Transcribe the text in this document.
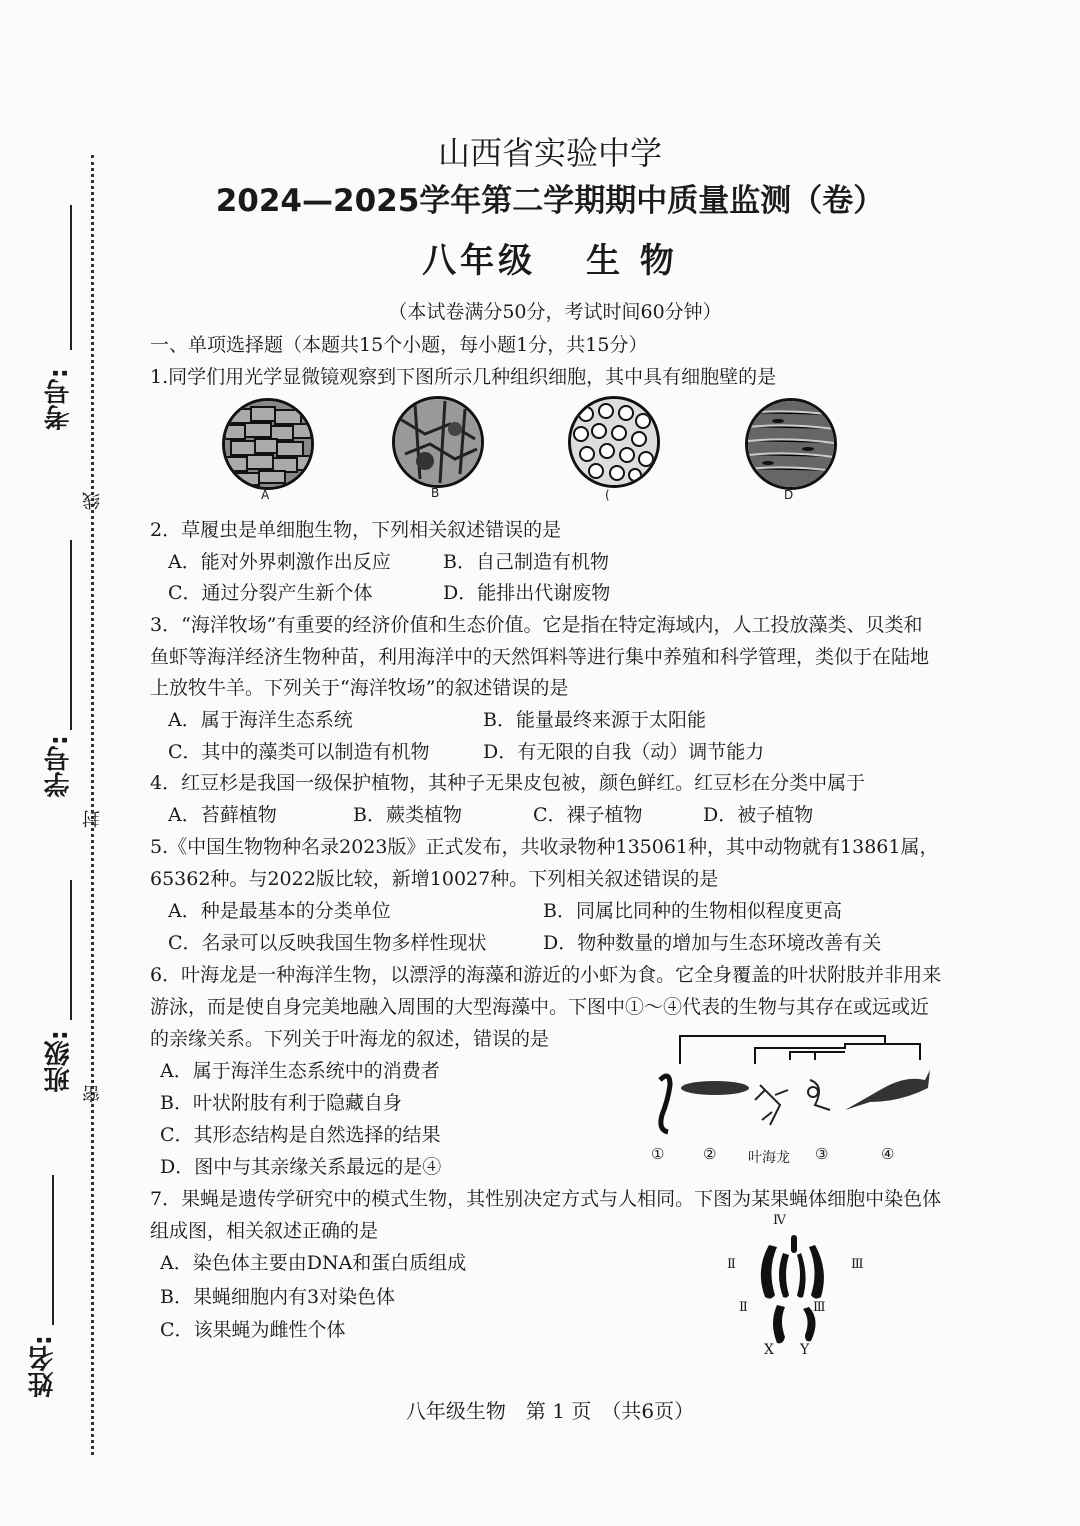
考号:
学号:
班级:
姓名:
线
封
密
山西省实验中学
2024—2025学年第二学期期中质量监测（卷）
八年级 生 物
（本试卷满分50分，考试时间60分钟）
一、单项选择题（本题共15个小题，每小题1分，共15分）
1.同学们用光学显微镜观察到下图所示几种组织细胞，其中具有细胞壁的是
A	B	(	D
2．草履虫是单细胞生物，下列相关叙述错误的是
A．能对外界刺激作出反应	B．自己制造有机物
C．通过分裂产生新个体	D．能排出代谢废物
3．“海洋牧场”有重要的经济价值和生态价值。它是指在特定海域内，人工投放藻类、贝类和
鱼虾等海洋经济生物种苗，利用海洋中的天然饵料等进行集中养殖和科学管理，类似于在陆地
上放牧牛羊。下列关于“海洋牧场”的叙述错误的是
A．属于海洋生态系统	B．能量最终来源于太阳能
C．其中的藻类可以制造有机物	D．有无限的自我（动）调节能力
4．红豆杉是我国一级保护植物，其种子无果皮包被，颜色鲜红。红豆杉在分类中属于
A．苔藓植物	B．蕨类植物	C．裸子植物	D．被子植物
5.《中国生物物种名录2023版》正式发布，共收录物种135061种，其中动物就有13861属，
65362种。与2022版比较，新增10027种。下列相关叙述错误的是
A．种是最基本的分类单位	B．同属比同种的生物相似程度更高
C．名录可以反映我国生物多样性现状	D．物种数量的增加与生态环境改善有关
6．叶海龙是一种海洋生物，以漂浮的海藻和游近的小虾为食。它全身覆盖的叶状附肢并非用来
游泳，而是使自身完美地融入周围的大型海藻中。下图中①～④代表的生物与其存在或远或近
的亲缘关系。下列关于叶海龙的叙述，错误的是
A．属于海洋生态系统中的消费者
B．叶状附肢有利于隐藏自身
C．其形态结构是自然选择的结果
D．图中与其亲缘关系最远的是④
①	② 叶海龙 ③	④
7．果蝇是遗传学研究中的模式生物，其性别决定方式与人相同。下图为某果蝇体细胞中染色体
组成图，相关叙述正确的是
A．染色体主要由DNA和蛋白质组成
B．果蝇细胞内有3对染色体
C．该果蝇为雌性个体
Ⅳ
Ⅱ	Ⅲ
Ⅱ	Ⅲ
X Y
八年级生物　第 1 页　（共6页）
